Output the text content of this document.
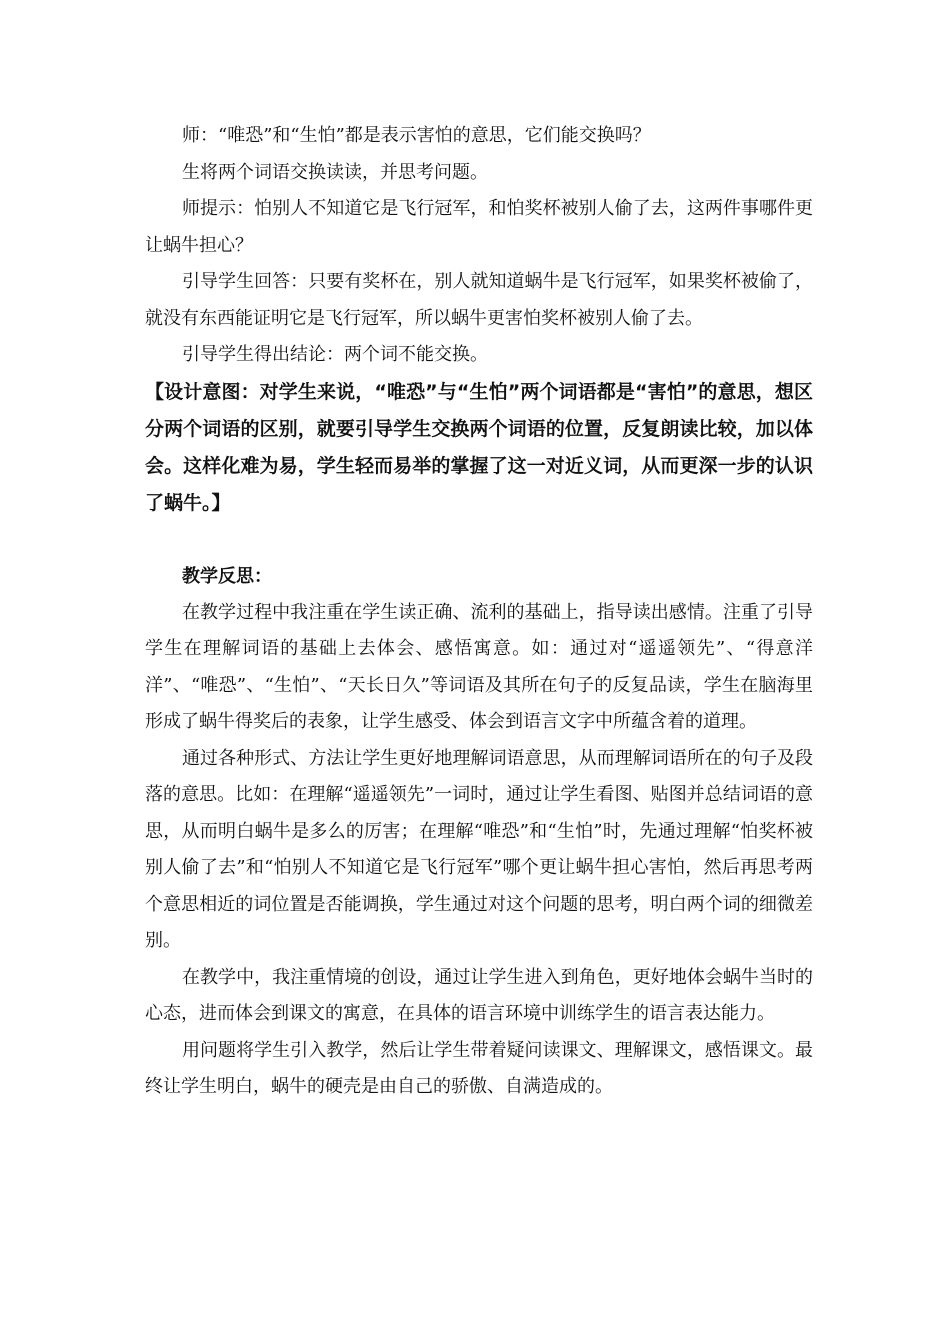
师：“唯恐”和“生怕”都是表示害怕的意思，它们能交换吗？

生将两个词语交换读读，并思考问题。

师提示：怕别人不知道它是飞行冠军，和怕奖杯被别人偷了去，这两件事哪件更让蜗牛担心？

引导学生回答：只要有奖杯在，别人就知道蜗牛是飞行冠军，如果奖杯被偷了，就没有东西能证明它是飞行冠军，所以蜗牛更害怕奖杯被别人偷了去。

引导学生得出结论：两个词不能交换。

【设计意图：对学生来说，“唯恐”与“生怕”两个词语都是“害怕”的意思，想区分两个词语的区别，就要引导学生交换两个词语的位置，反复朗读比较，加以体会。这样化难为易，学生轻而易举的掌握了这一对近义词，从而更深一步的认识了蜗牛。】

教学反思：

在教学过程中我注重在学生读正确、流利的基础上，指导读出感情。注重了引导学生在理解词语的基础上去体会、感悟寓意。如：通过对“遥遥领先”、“得意洋洋”、“唯恐”、“生怕”、“天长日久”等词语及其所在句子的反复品读，学生在脑海里形成了蜗牛得奖后的表象，让学生感受、体会到语言文字中所蕴含着的道理。

通过各种形式、方法让学生更好地理解词语意思，从而理解词语所在的句子及段落的意思。比如：在理解“遥遥领先”一词时，通过让学生看图、贴图并总结词语的意思，从而明白蜗牛是多么的厉害；在理解“唯恐”和“生怕”时，先通过理解“怕奖杯被别人偷了去”和“怕别人不知道它是飞行冠军”哪个更让蜗牛担心害怕，然后再思考两个意思相近的词位置是否能调换，学生通过对这个问题的思考，明白两个词的细微差别。

在教学中，我注重情境的创设，通过让学生进入到角色，更好地体会蜗牛当时的心态，进而体会到课文的寓意，在具体的语言环境中训练学生的语言表达能力。

用问题将学生引入教学，然后让学生带着疑问读课文、理解课文，感悟课文。最终让学生明白，蜗牛的硬壳是由自己的骄傲、自满造成的。
